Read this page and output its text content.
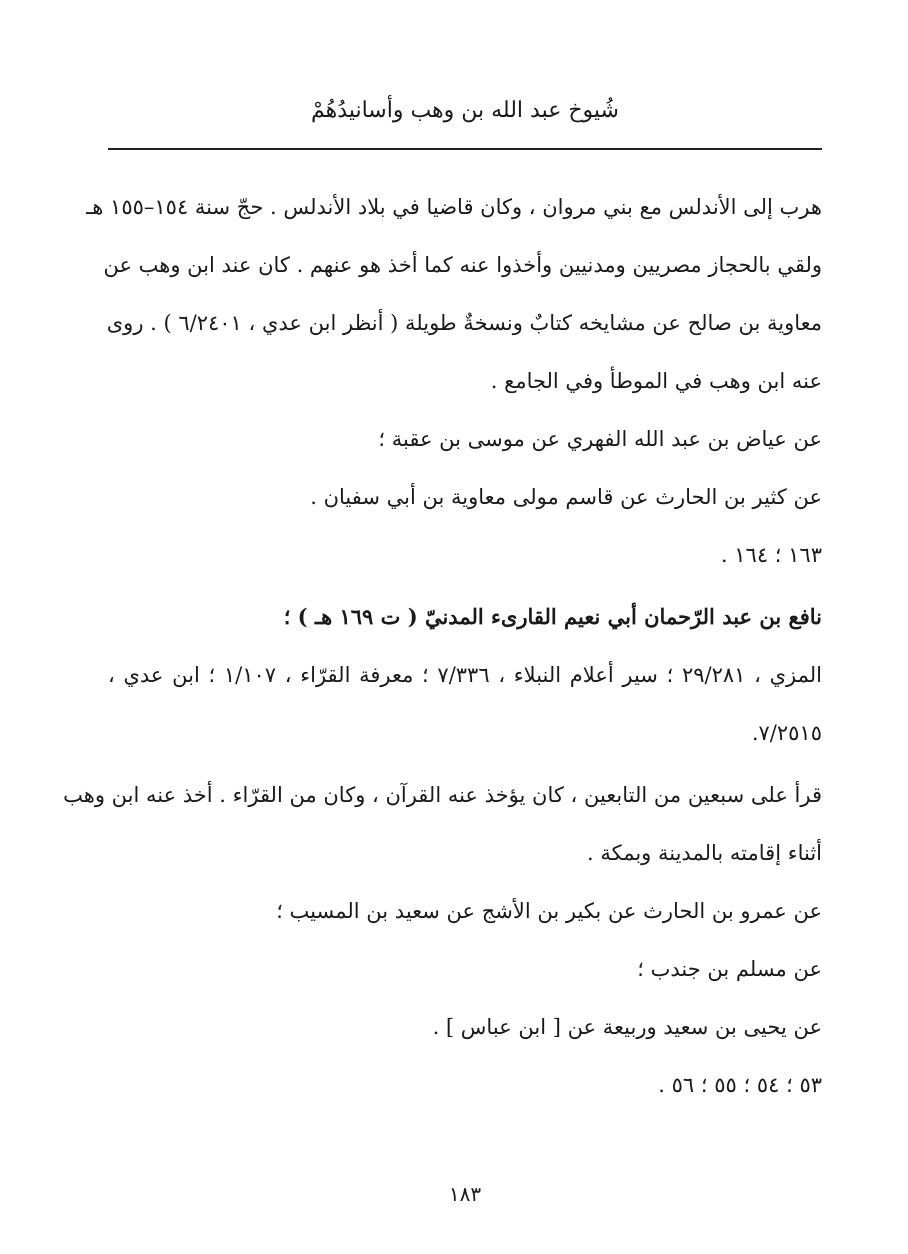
شُيوخ عبد الله بن وهب وأسانيدُهُمْ
هرب إلى الأندلس مع بني مروان ، وكان قاضيا في بلاد الأندلس . حجّ سنة ١٥٤–١٥٥ هـ
ولقي بالحجاز مصريين ومدنيين وأخذوا عنه كما أخذ هو عنهم . كان عند ابن وهب عن
معاوية بن صالح عن مشايخه كتابٌ ونسخةٌ طويلة ( أنظر ابن عدي ، ٦/٢٤٠١ ) . روى
عنه ابن وهب في الموطأ وفي الجامع .
عن عياض بن عبد الله الفهري عن موسى بن عقبة ؛
عن كثير بن الحارث عن قاسم مولى معاوية بن أبي سفيان .
١٦٣ ؛ ١٦٤ .
نافع بن عبد الرّحمان أبي نعيم القارىء المدنيّ ( ت ١٦٩ هـ ) ؛
المزي ، ٢٩/٢٨١ ؛ سير أعلام النبلاء ، ٧/٣٣٦ ؛ معرفة القرّاء ، ١/١٠٧ ؛ ابن عدي ،
٧/٢٥١٥.
قرأ على سبعين من التابعين ، كان يؤخذ عنه القرآن ، وكان من القرّاء . أخذ عنه ابن وهب
أثناء إقامته بالمدينة وبمكة .
عن عمرو بن الحارث عن بكير بن الأشج عن سعيد بن المسيب ؛
عن مسلم بن جندب ؛
عن يحيى بن سعيد وربيعة عن [ ابن عباس ] .
٥٣ ؛ ٥٤ ؛ ٥٥ ؛ ٥٦ .
١٨٣
